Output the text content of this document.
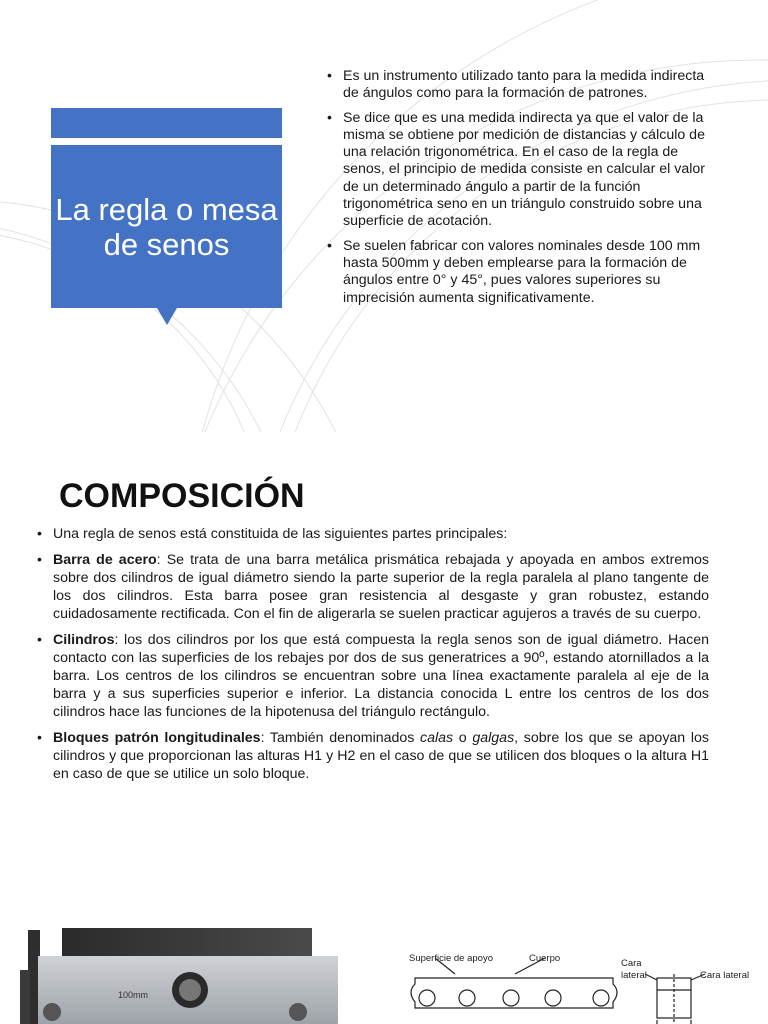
La regla o mesa de senos
• Es un instrumento utilizado tanto para la medida indirecta de ángulos como para la formación de patrones.
• Se dice que es una medida indirecta ya que el valor de la misma se obtiene por medición de distancias y cálculo de una relación trigonométrica. En el caso de la regla de senos, el principio de medida consiste en calcular el valor de un determinado ángulo a partir de la función trigonométrica seno en un triángulo construido sobre una superficie de acotación.
• Se suelen fabricar con valores nominales desde 100 mm hasta 500mm y deben emplearse para la formación de ángulos entre 0° y 45°, pues valores superiores su imprecisión aumenta significativamente.
COMPOSICIÓN
• Una regla de senos está constituida de las siguientes partes principales:
• Barra de acero: Se trata de una barra metálica prismática rebajada y apoyada en ambos extremos sobre dos cilindros de igual diámetro siendo la parte superior de la regla paralela al plano tangente de los dos cilindros. Esta barra posee gran resistencia al desgaste y gran robustez, estando cuidadosamente rectificada. Con el fin de aligerarla se suelen practicar agujeros a través de su cuerpo.
• Cilindros: los dos cilindros por los que está compuesta la regla senos son de igual diámetro. Hacen contacto con las superficies de los rebajes por dos de sus generatrices a 90º, estando atornillados a la barra. Los centros de los cilindros se encuentran sobre una línea exactamente paralela al eje de la barra y a sus superficies superior e inferior. La distancia conocida L entre los centros de los dos cilindros hace las funciones de la hipotenusa del triángulo rectángulo.
• Bloques patrón longitudinales: También denominados calas o galgas, sobre los que se apoyan los cilindros y que proporcionan las alturas H1 y H2 en el caso de que se utilicen dos bloques o la altura H1 en caso de que se utilice un solo bloque.
100mm
Superficie de apoyo	Cuerpo	Cara
lateral	Cara lateral
